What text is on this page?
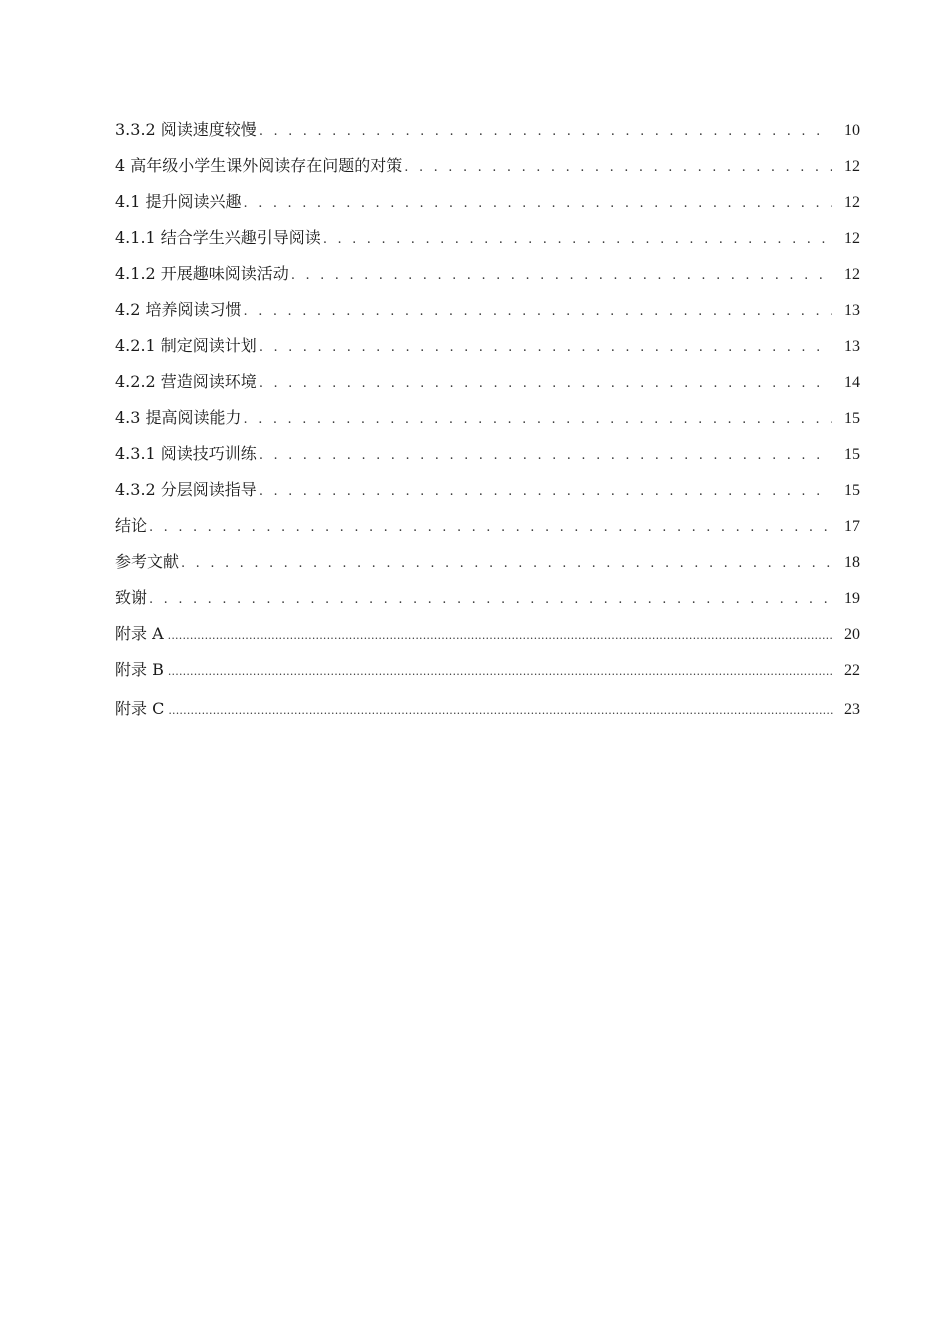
3.3.2 阅读速度较慢 . . .	10
4 高年级小学生课外阅读存在问题的对策 . . .	12
4.1 提升阅读兴趣 . . .	12
4.1.1 结合学生兴趣引导阅读 . . .	12
4.1.2 开展趣味阅读活动 . . .	12
4.2 培养阅读习惯 . . .	13
4.2.1 制定阅读计划 . . .	13
4.2.2 营造阅读环境 . . .	14
4.3 提高阅读能力 . . .	15
4.3.1 阅读技巧训练 . . .	15
4.3.2 分层阅读指导 . . .	15
结论 . . .	17
参考文献 . . .	18
致谢 . . .	19
附录 A .....	20
附录 B .....	22
附录 C .....	23
